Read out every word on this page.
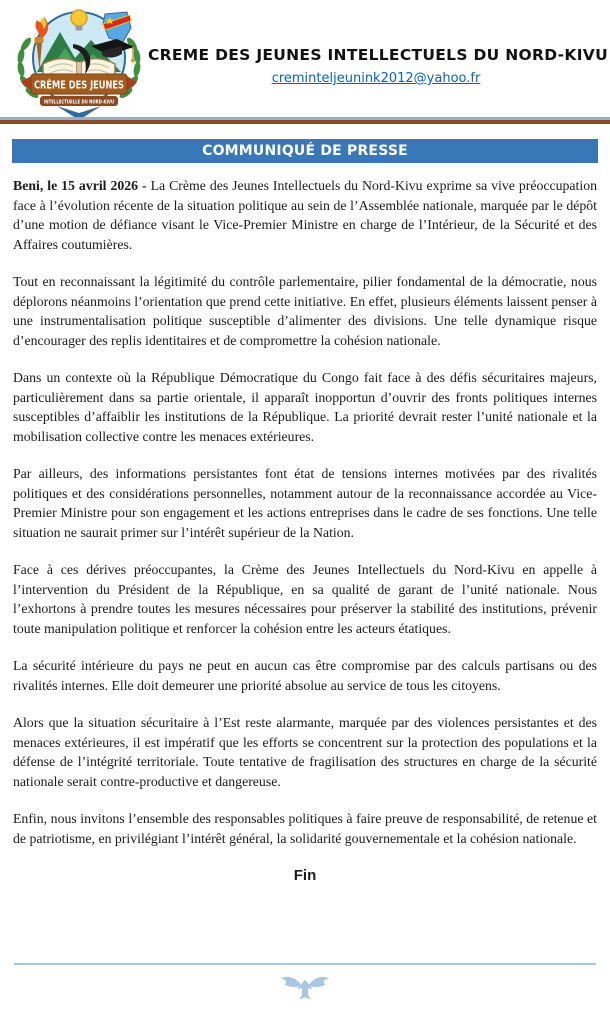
CRÉME DES JEUNES
INTELLECTUELLE DU NORD-KIVU
CREME DES JEUNES INTELLECTUELS DU NORD-KIVU
creminteljeunink2012@yahoo.fr
COMMUNIQUÉ DE PRESSE

Beni, le 15 avril 2026 - La Crème des Jeunes Intellectuels du Nord-Kivu exprime sa vive préoccupation face à l’évolution récente de la situation politique au sein de l’Assemblée nationale, marquée par le dépôt d’une motion de défiance visant le Vice-Premier Ministre en charge de l’Intérieur, de la Sécurité et des Affaires coutumières.

Tout en reconnaissant la légitimité du contrôle parlementaire, pilier fondamental de la démocratie, nous déplorons néanmoins l’orientation que prend cette initiative. En effet, plusieurs éléments laissent penser à une instrumentalisation politique susceptible d’alimenter des divisions. Une telle dynamique risque d’encourager des replis identitaires et de compromettre la cohésion nationale.

Dans un contexte où la République Démocratique du Congo fait face à des défis sécuritaires majeurs, particulièrement dans sa partie orientale, il apparaît inopportun d’ouvrir des fronts politiques internes susceptibles d’affaiblir les institutions de la République. La priorité devrait rester l’unité nationale et la mobilisation collective contre les menaces extérieures.

Par ailleurs, des informations persistantes font état de tensions internes motivées par des rivalités politiques et des considérations personnelles, notamment autour de la reconnaissance accordée au Vice-Premier Ministre pour son engagement et les actions entreprises dans le cadre de ses fonctions. Une telle situation ne saurait primer sur l’intérêt supérieur de la Nation.

Face à ces dérives préoccupantes, la Crème des Jeunes Intellectuels du Nord-Kivu en appelle à l’intervention du Président de la République, en sa qualité de garant de l’unité nationale. Nous l’exhortons à prendre toutes les mesures nécessaires pour préserver la stabilité des institutions, prévenir toute manipulation politique et renforcer la cohésion entre les acteurs étatiques.

La sécurité intérieure du pays ne peut en aucun cas être compromise par des calculs partisans ou des rivalités internes. Elle doit demeurer une priorité absolue au service de tous les citoyens.

Alors que la situation sécuritaire à l’Est reste alarmante, marquée par des violences persistantes et des menaces extérieures, il est impératif que les efforts se concentrent sur la protection des populations et la défense de l’intégrité territoriale. Toute tentative de fragilisation des structures en charge de la sécurité nationale serait contre-productive et dangereuse.

Enfin, nous invitons l’ensemble des responsables politiques à faire preuve de responsabilité, de retenue et de patriotisme, en privilégiant l’intérêt général, la solidarité gouvernementale et la cohésion nationale.

Fin
